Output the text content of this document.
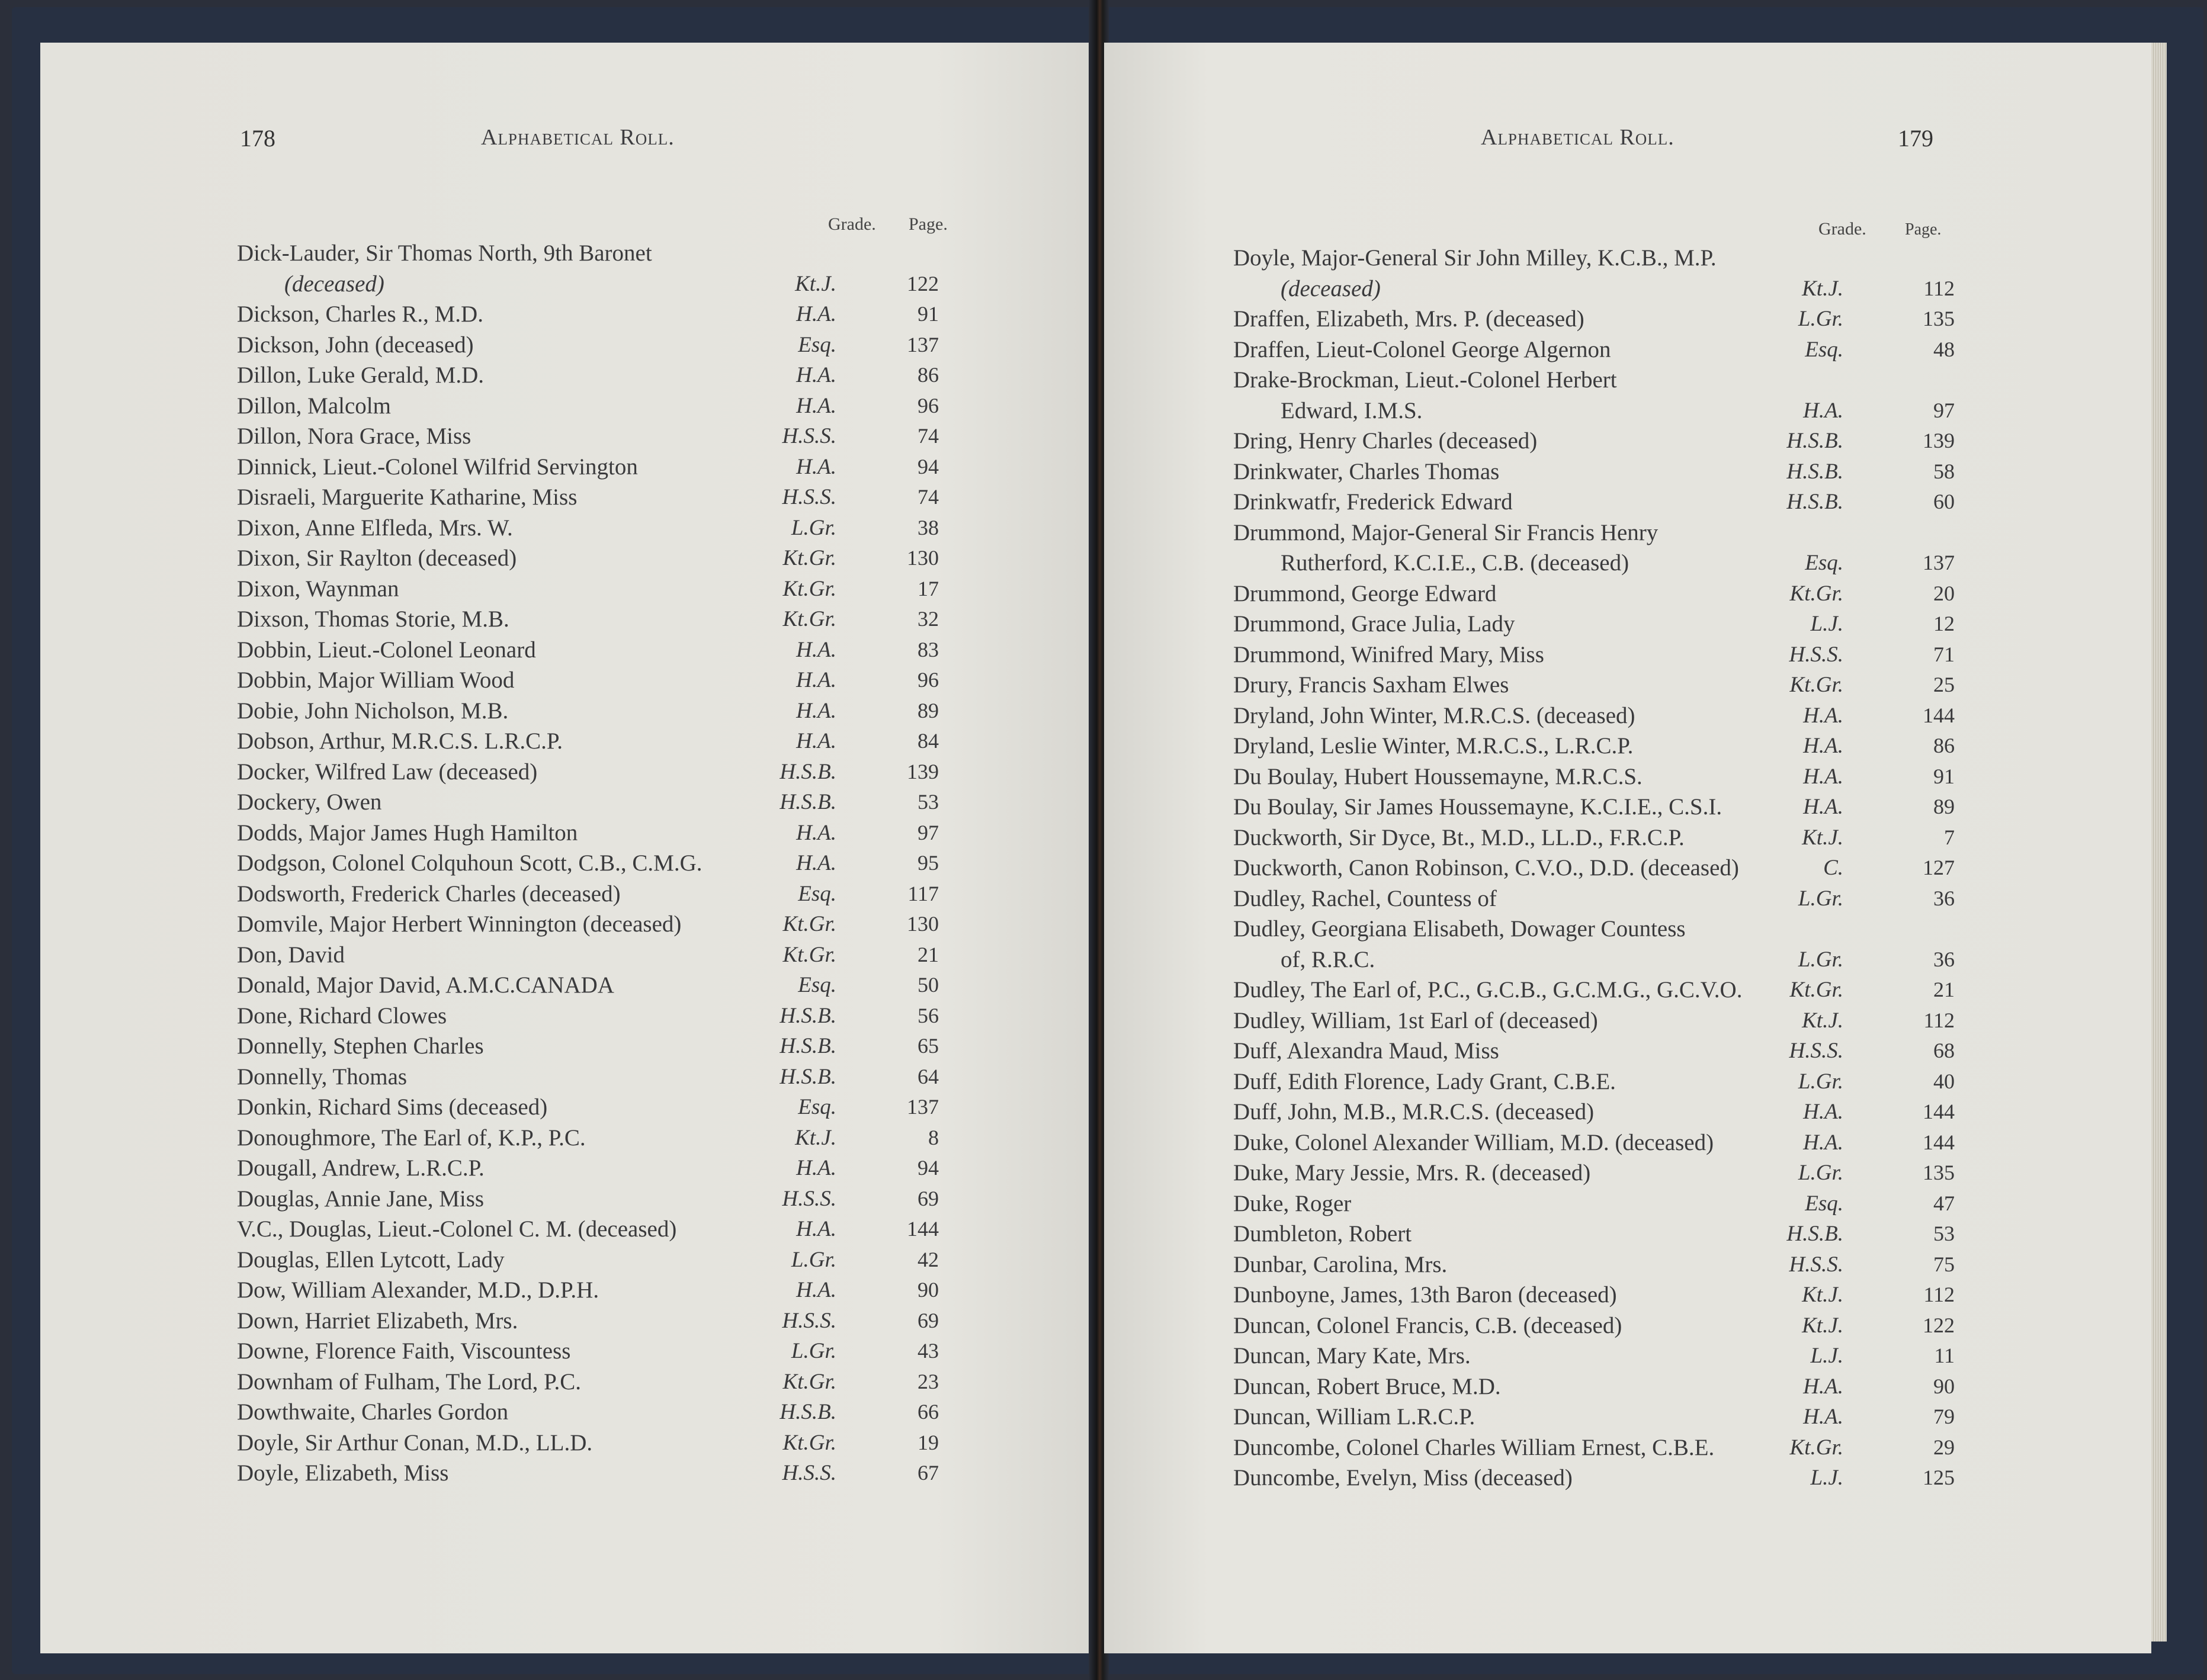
178	Alphabetical Roll.
Grade. Page.
Dick-Lauder, Sir Thomas North, 9th Baronet
(deceased)	Kt.J.	122
Dickson, Charles R., M.D.	H.A.	91
Dickson, John (deceased)	Esq.	137
Dillon, Luke Gerald, M.D.	H.A.	86
Dillon, Malcolm	H.A.	96
Dillon, Nora Grace, Miss	H.S.S.	74
Dinnick, Lieut.-Colonel Wilfrid Servington	H.A.	94
Disraeli, Marguerite Katharine, Miss	H.S.S.	74
Dixon, Anne Elfleda, Mrs. W.	L.Gr.	38
Dixon, Sir Raylton (deceased)	Kt.Gr.	130
Dixon, Waynman	Kt.Gr.	17
Dixson, Thomas Storie, M.B.	Kt.Gr.	32
Dobbin, Lieut.-Colonel Leonard	H.A.	83
Dobbin, Major William Wood	H.A.	96
Dobie, John Nicholson, M.B.	H.A.	89
Dobson, Arthur, M.R.C.S. L.R.C.P.	H.A.	84
Docker, Wilfred Law (deceased)	H.S.B.	139
Dockery, Owen	H.S.B.	53
Dodds, Major James Hugh Hamilton	H.A.	97
Dodgson, Colonel Colquhoun Scott, C.B., C.M.G.	H.A.	95
Dodsworth, Frederick Charles (deceased)	Esq.	117
Domvile, Major Herbert Winnington (deceased)	Kt.Gr.	130
Don, David	Kt.Gr.	21
Donald, Major David, A.M.C.CANADA	Esq.	50
Done, Richard Clowes	H.S.B.	56
Donnelly, Stephen Charles	H.S.B.	65
Donnelly, Thomas	H.S.B.	64
Donkin, Richard Sims (deceased)	Esq.	137
Donoughmore, The Earl of, K.P., P.C.	Kt.J.	8
Dougall, Andrew, L.R.C.P.	H.A.	94
Douglas, Annie Jane, Miss	H.S.S.	69
V.C., Douglas, Lieut.-Colonel C. M. (deceased)	H.A.	144
Douglas, Ellen Lytcott, Lady	L.Gr.	42
Dow, William Alexander, M.D., D.P.H.	H.A.	90
Down, Harriet Elizabeth, Mrs.	H.S.S.	69
Downe, Florence Faith, Viscountess	L.Gr.	43
Downham of Fulham, The Lord, P.C.	Kt.Gr.	23
Dowthwaite, Charles Gordon	H.S.B.	66
Doyle, Sir Arthur Conan, M.D., LL.D.	Kt.Gr.	19
Doyle, Elizabeth, Miss	H.S.S.	67
Alphabetical Roll.	179
Grade. Page.
Doyle, Major-General Sir John Milley, K.C.B., M.P.
(deceased)	Kt.J.	112
Draffen, Elizabeth, Mrs. P. (deceased)	L.Gr.	135
Draffen, Lieut-Colonel George Algernon	Esq.	48
Drake-Brockman, Lieut.-Colonel Herbert
Edward, I.M.S.	H.A.	97
Dring, Henry Charles (deceased)	H.S.B.	139
Drinkwater, Charles Thomas	H.S.B.	58
Drinkwatfr, Frederick Edward	H.S.B.	60
Drummond, Major-General Sir Francis Henry
Rutherford, K.C.I.E., C.B. (deceased)	Esq.	137
Drummond, George Edward	Kt.Gr.	20
Drummond, Grace Julia, Lady	L.J.	12
Drummond, Winifred Mary, Miss	H.S.S.	71
Drury, Francis Saxham Elwes	Kt.Gr.	25
Dryland, John Winter, M.R.C.S. (deceased)	H.A.	144
Dryland, Leslie Winter, M.R.C.S., L.R.C.P.	H.A.	86
Du Boulay, Hubert Houssemayne, M.R.C.S.	H.A.	91
Du Boulay, Sir James Houssemayne, K.C.I.E., C.S.I.	H.A.	89
Duckworth, Sir Dyce, Bt., M.D., LL.D., F.R.C.P.	Kt.J.	7
Duckworth, Canon Robinson, C.V.O., D.D. (deceased)	C.	127
Dudley, Rachel, Countess of	L.Gr.	36
Dudley, Georgiana Elisabeth, Dowager Countess
of, R.R.C.	L.Gr.	36
Dudley, The Earl of, P.C., G.C.B., G.C.M.G., G.C.V.O.	Kt.Gr.	21
Dudley, William, 1st Earl of (deceased)	Kt.J.	112
Duff, Alexandra Maud, Miss	H.S.S.	68
Duff, Edith Florence, Lady Grant, C.B.E.	L.Gr.	40
Duff, John, M.B., M.R.C.S. (deceased)	H.A.	144
Duke, Colonel Alexander William, M.D. (deceased)	H.A.	144
Duke, Mary Jessie, Mrs. R. (deceased)	L.Gr.	135
Duke, Roger	Esq.	47
Dumbleton, Robert	H.S.B.	53
Dunbar, Carolina, Mrs.	H.S.S.	75
Dunboyne, James, 13th Baron (deceased)	Kt.J.	112
Duncan, Colonel Francis, C.B. (deceased)	Kt.J.	122
Duncan, Mary Kate, Mrs.	L.J.	11
Duncan, Robert Bruce, M.D.	H.A.	90
Duncan, William L.R.C.P.	H.A.	79
Duncombe, Colonel Charles William Ernest, C.B.E.	Kt.Gr.	29
Duncombe, Evelyn, Miss (deceased)	L.J.	125
